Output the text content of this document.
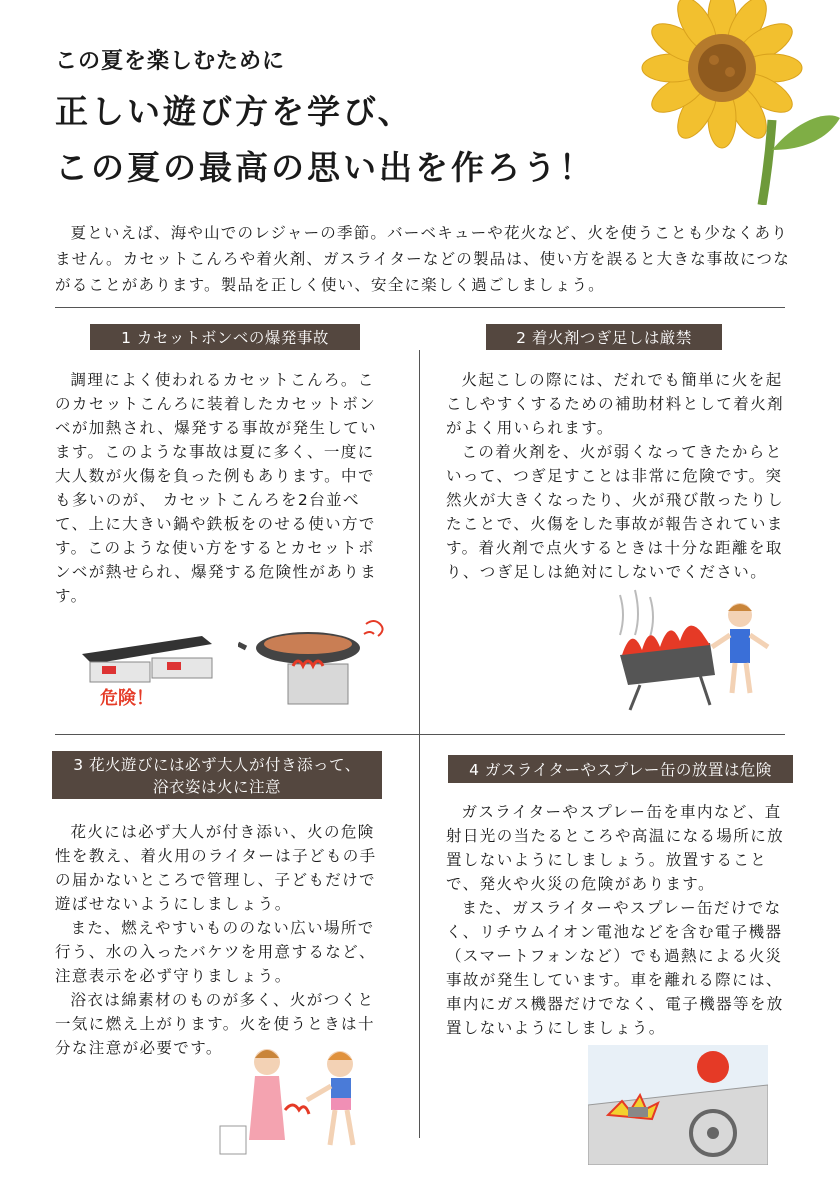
この夏を楽しむために
正しい遊び方を学び、
この夏の最高の思い出を作ろう！

夏といえば、海や山でのレジャーの季節。バーベキューや花火など、火を使うことも少なくありません。カセットこんろや着火剤、ガスライターなどの製品は、使い方を誤ると大きな事故につながることがあります。製品を正しく使い、安全に楽しく過ごしましょう。

1 カセットボンベの爆発事故

調理によく使われるカセットこんろ。このカセットこんろに装着したカセットボンベが加熱され、爆発する事故が発生しています。このような事故は夏に多く、一度に大人数が火傷を負った例もあります。中でも多いのが、 カセットこんろを2台並べて、上に大きい鍋や鉄板をのせる使い方です。このような使い方をするとカセットボンベが熱せられ、爆発する危険性があります。

危険！
2 着火剤つぎ足しは厳禁

火起こしの際には、だれでも簡単に火を起こしやすくするための補助材料として着火剤がよく用いられます。

この着火剤を、火が弱くなってきたからといって、つぎ足すことは非常に危険です。突然火が大きくなったり、火が飛び散ったりしたことで、火傷をした事故が報告されています。着火剤で点火するときは十分な距離を取り、つぎ足しは絶対にしないでください。

3 花火遊びには必ず大人が付き添って、
浴衣姿は火に注意

花火には必ず大人が付き添い、火の危険性を教え、着火用のライターは子どもの手の届かないところで管理し、子どもだけで遊ばせないようにしましょう。

また、燃えやすいもののない広い場所で行う、水の入ったバケツを用意するなど、注意表示を必ず守りましょう。

浴衣は綿素材のものが多く、火がつくと一気に燃え上がります。火を使うときは十分な注意が必要です。

4 ガスライターやスプレー缶の放置は危険

ガスライターやスプレー缶を車内など、直射日光の当たるところや高温になる場所に放置しないようにしましょう。放置することで、発火や火災の危険があります。

また、ガスライターやスプレー缶だけでなく、リチウムイオン電池などを含む電子機器（スマートフォンなど）でも過熱による火災事故が発生しています。車を離れる際には、車内にガス機器だけでなく、電子機器等を放置しないようにしましょう。
